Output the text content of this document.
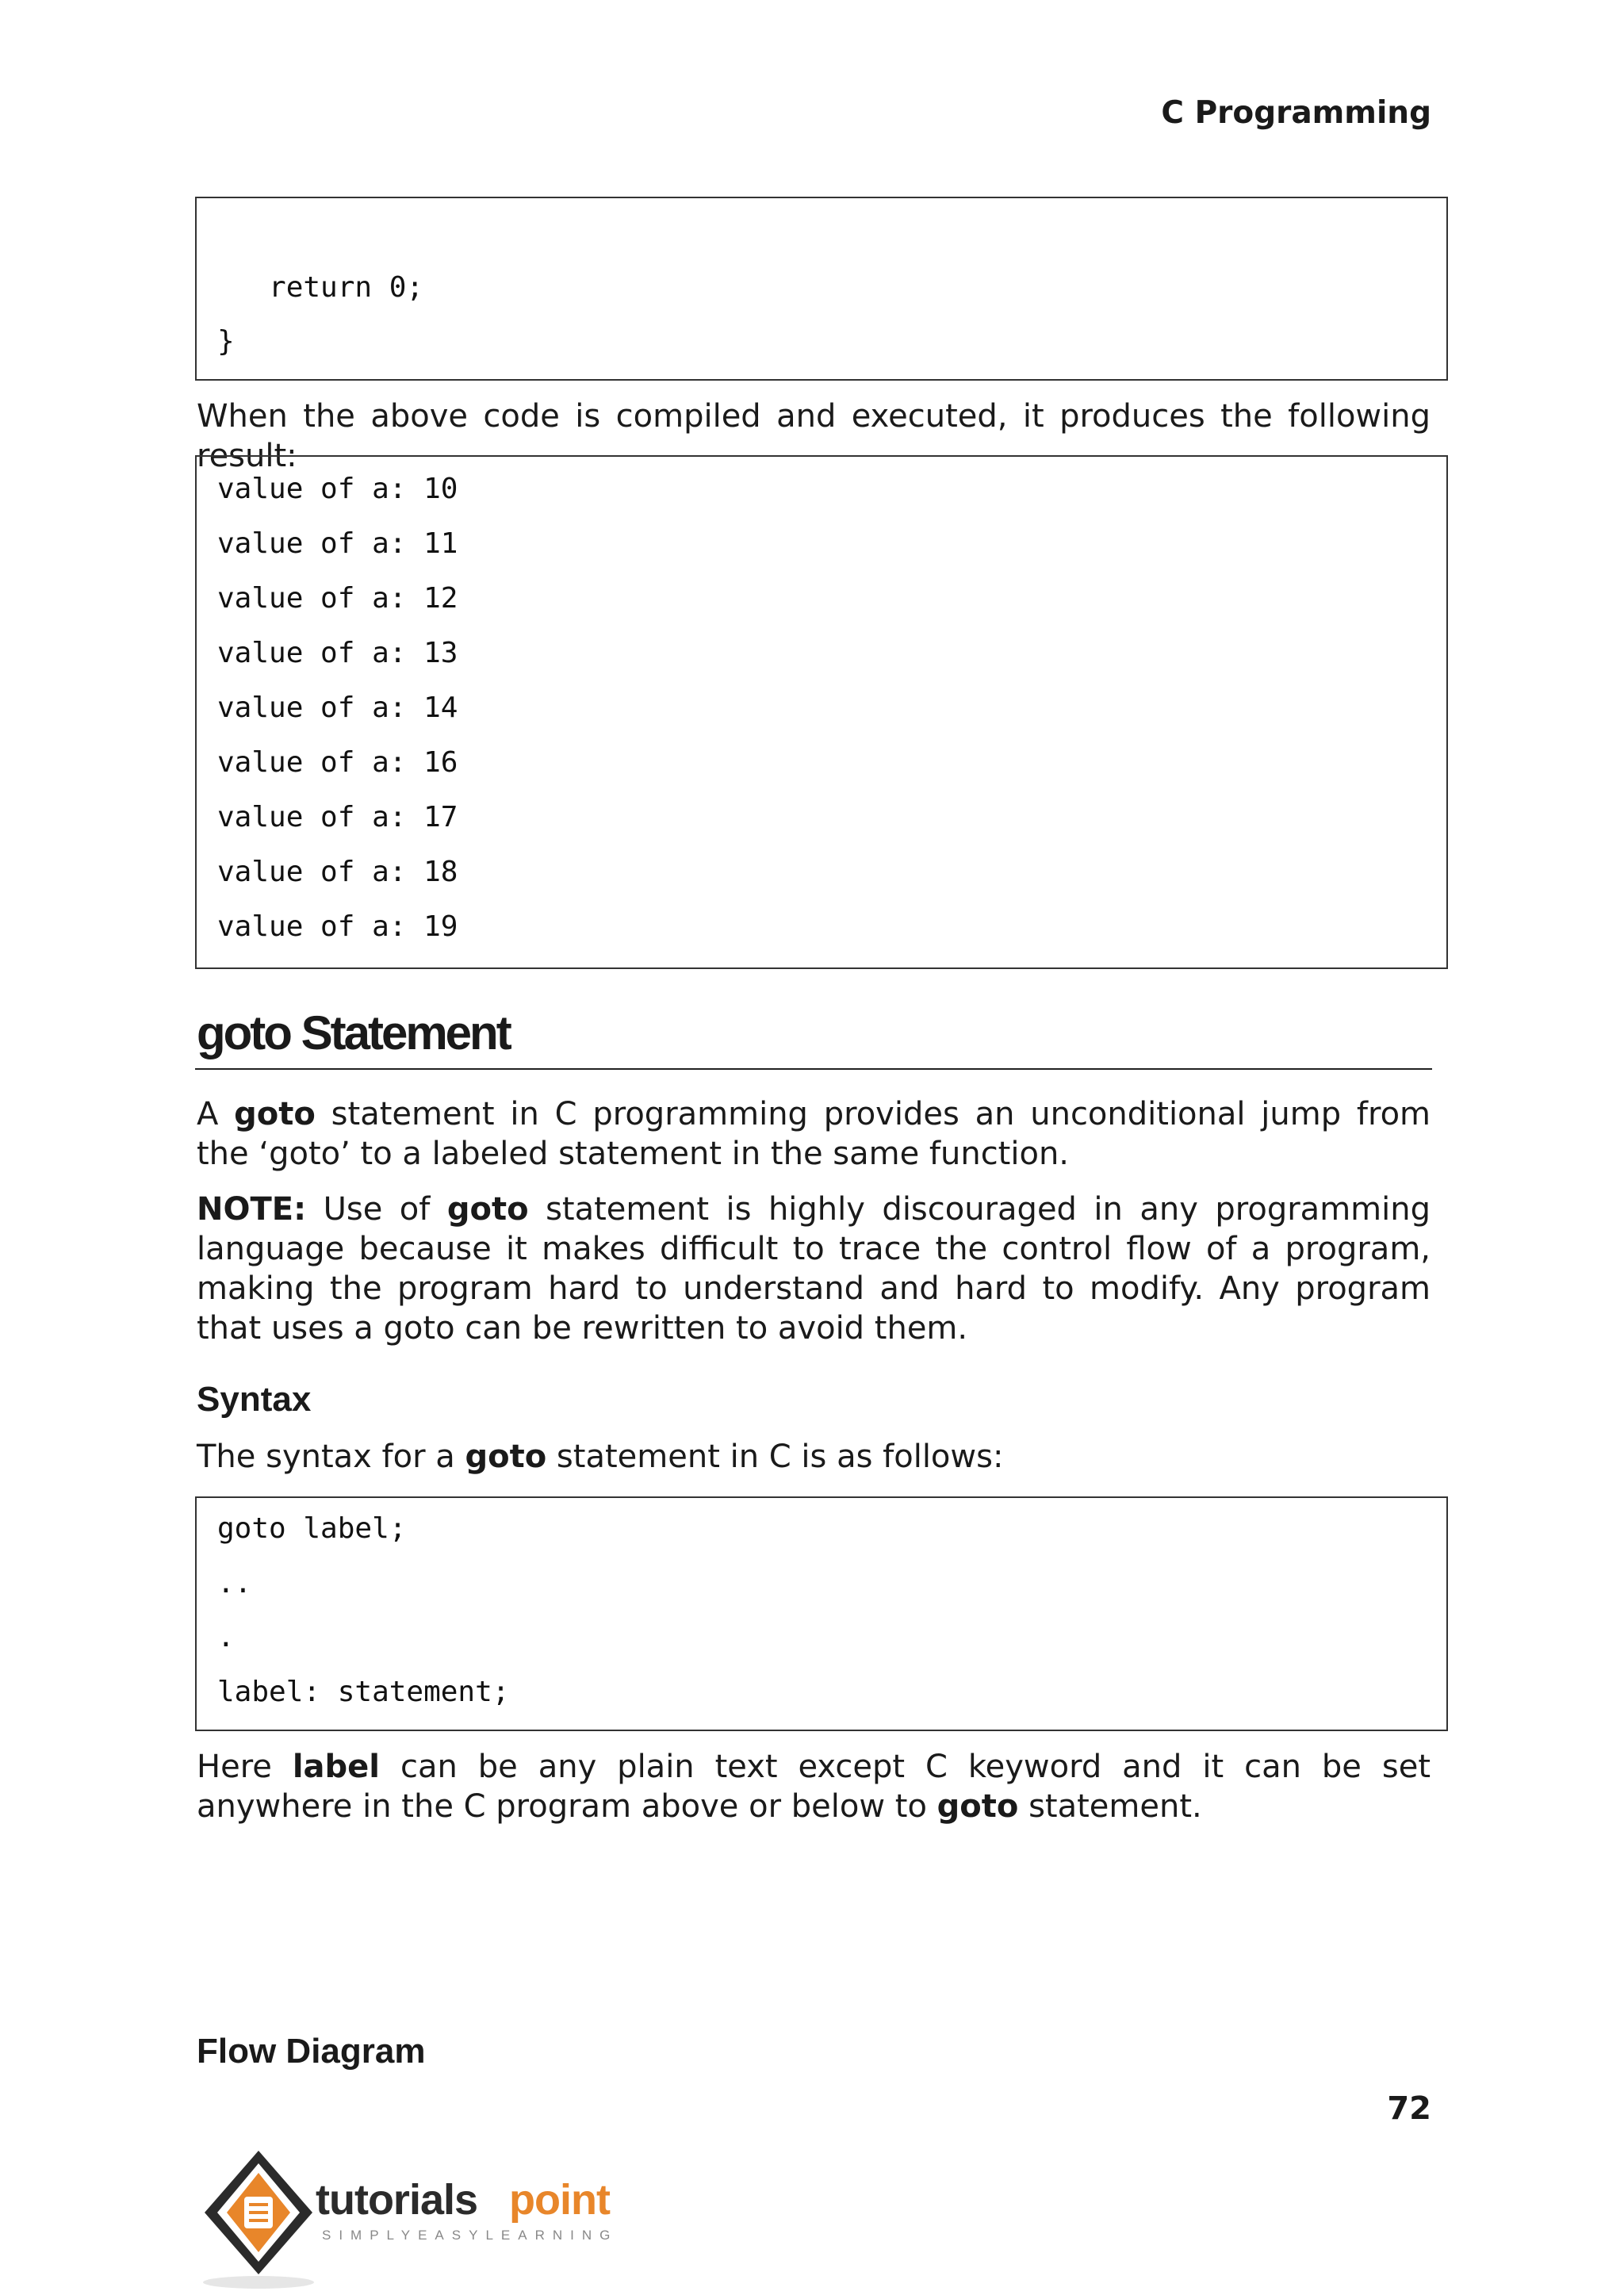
C Programming
return 0;
}

When the above code is compiled and executed, it produces the following result:

value of a: 10
value of a: 11
value of a: 12
value of a: 13
value of a: 14
value of a: 16
value of a: 17
value of a: 18
value of a: 19
goto Statement

A goto statement in C programming provides an unconditional jump from the ‘goto’ to a labeled statement in the same function.

NOTE: Use of goto statement is highly discouraged in any programming language because it makes difficult to trace the control flow of a program, making the program hard to understand and hard to modify. Any program that uses a goto can be rewritten to avoid them.

Syntax

The syntax for a goto statement in C is as follows:

goto label;
..
.
label: statement;

Here label can be any plain text except C keyword and it can be set anywhere in the C program above or below to goto statement.

Flow Diagram
72
tutorials point
SIMPLYEASYLEARNING
